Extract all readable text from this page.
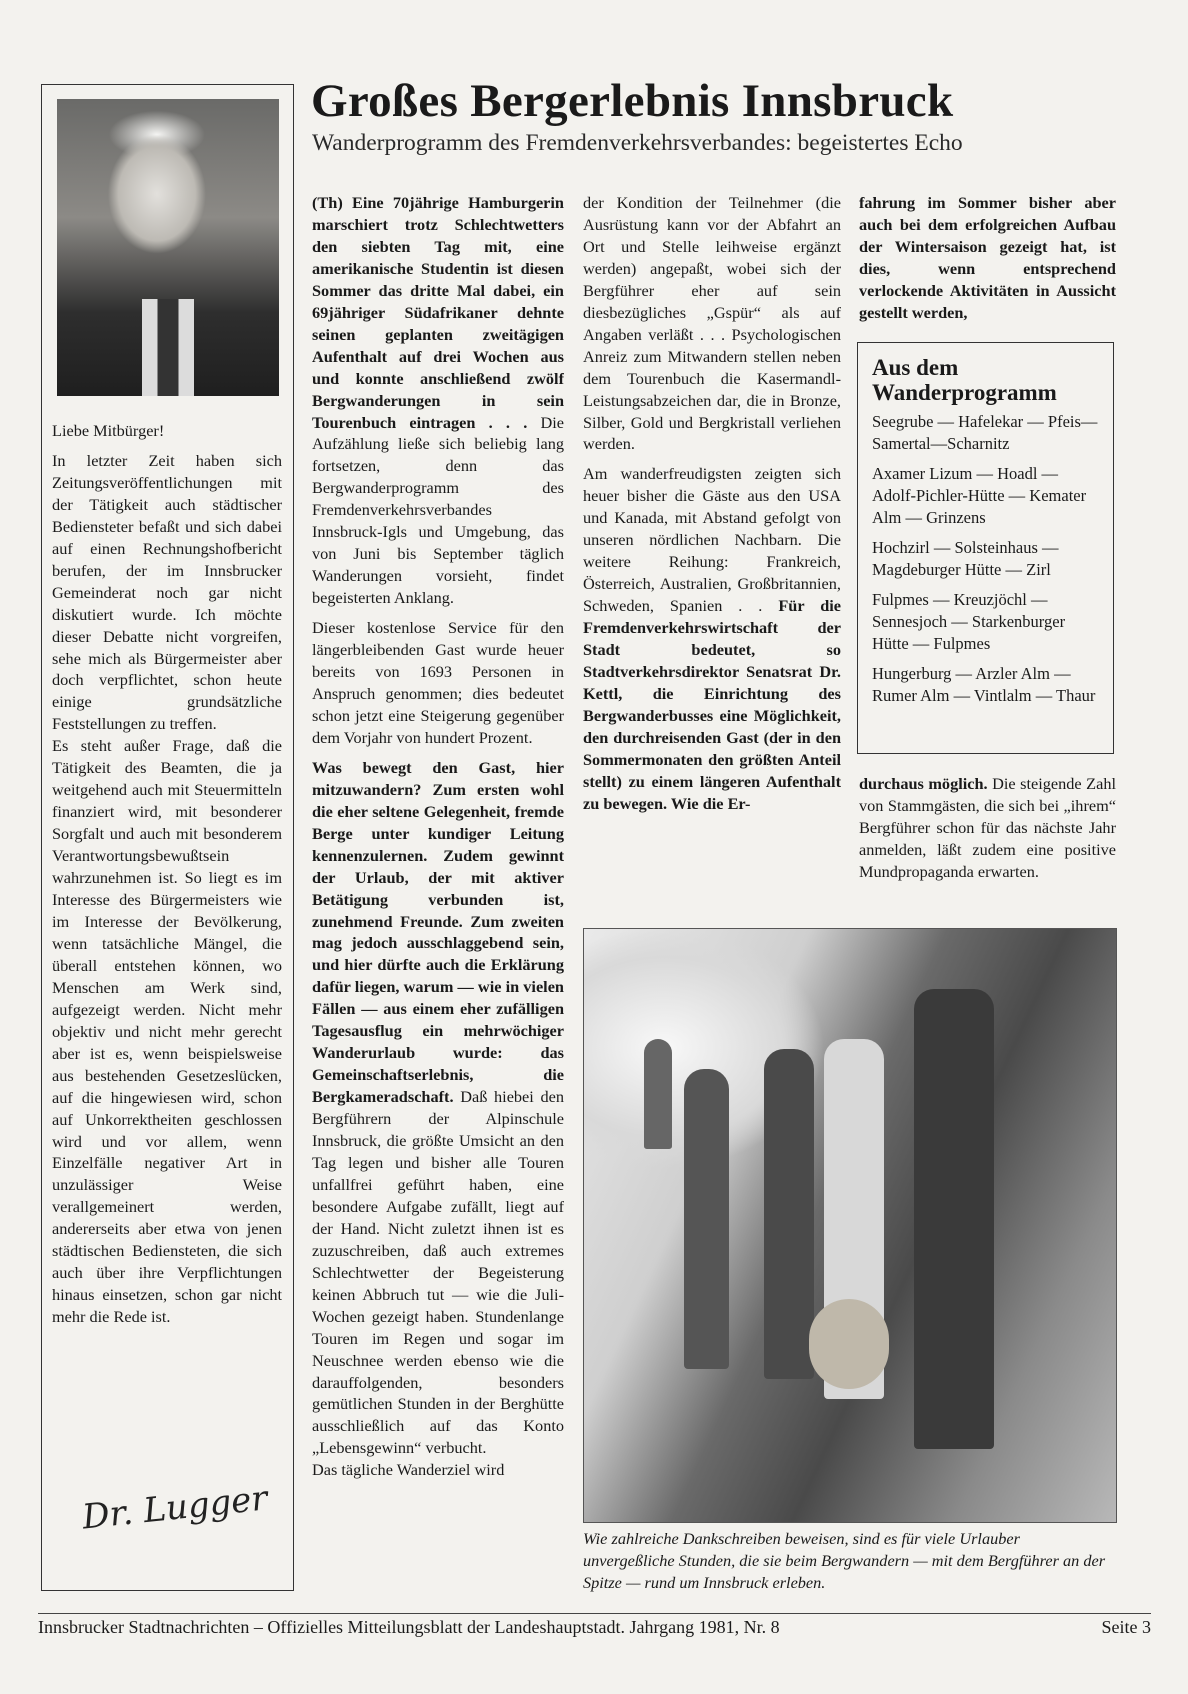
Großes Bergerlebnis Innsbruck
Wanderprogramm des Fremdenverkehrsverbandes: begeistertes Echo

Liebe Mitbürger!

In letzter Zeit haben sich Zeitungsveröffentlichungen mit der Tätigkeit auch städtischer Bediensteter befaßt und sich dabei auf einen Rechnungshofbericht berufen, der im Innsbrucker Gemeinderat noch gar nicht diskutiert wurde. Ich möchte dieser Debatte nicht vorgreifen, sehe mich als Bürgermeister aber doch verpflichtet, schon heute einige grundsätzliche Feststellungen zu treffen.

Es steht außer Frage, daß die Tätigkeit des Beamten, die ja weitgehend auch mit Steuermitteln finanziert wird, mit besonderer Sorgfalt und auch mit besonderem Verantwortungsbewußtsein wahrzunehmen ist. So liegt es im Interesse des Bürgermeisters wie im Interesse der Bevölkerung, wenn tatsächliche Mängel, die überall entstehen können, wo Menschen am Werk sind, aufgezeigt werden. Nicht mehr objektiv und nicht mehr gerecht aber ist es, wenn beispielsweise aus bestehenden Gesetzeslücken, auf die hingewiesen wird, schon auf Unkorrektheiten geschlossen wird und vor allem, wenn Einzelfälle negativer Art in unzulässiger Weise verallgemeinert werden, andererseits aber etwa von jenen städtischen Bediensteten, die sich auch über ihre Verpflichtungen hinaus einsetzen, schon gar nicht mehr die Rede ist.

Dr. Lugger

(Th) Eine 70jährige Hamburgerin marschiert trotz Schlechtwetters den siebten Tag mit, eine amerikanische Studentin ist diesen Sommer das dritte Mal dabei, ein 69jähriger Südafrikaner dehnte seinen geplanten zweitägigen Aufenthalt auf drei Wochen aus und konnte anschließend zwölf Bergwanderungen in sein Tourenbuch eintragen . . . Die Aufzählung ließe sich beliebig lang fortsetzen, denn das Bergwanderprogramm des Fremdenverkehrsverbandes Innsbruck-Igls und Umgebung, das von Juni bis September täglich Wanderungen vorsieht, findet begeisterten Anklang.

Dieser kostenlose Service für den längerbleibenden Gast wurde heuer bereits von 1693 Personen in Anspruch genommen; dies bedeutet schon jetzt eine Steigerung gegenüber dem Vorjahr von hundert Prozent.

Was bewegt den Gast, hier mitzuwandern? Zum ersten wohl die eher seltene Gelegenheit, fremde Berge unter kundiger Leitung kennenzulernen. Zudem gewinnt der Urlaub, der mit aktiver Betätigung verbunden ist, zunehmend Freunde. Zum zweiten mag jedoch ausschlaggebend sein, und hier dürfte auch die Erklärung dafür liegen, warum — wie in vielen Fällen — aus einem eher zufälligen Tagesausflug ein mehrwöchiger Wanderurlaub wurde: das Gemeinschaftserlebnis, die Bergkameradschaft. Daß hiebei den Bergführern der Alpinschule Innsbruck, die größte Umsicht an den Tag legen und bisher alle Touren unfallfrei geführt haben, eine besondere Aufgabe zufällt, liegt auf der Hand. Nicht zuletzt ihnen ist es zuzuschreiben, daß auch extremes Schlechtwetter der Begeisterung keinen Abbruch tut — wie die Juli-Wochen gezeigt haben. Stundenlange Touren im Regen und sogar im Neuschnee werden ebenso wie die darauffolgenden, besonders gemütlichen Stunden in der Berghütte ausschließlich auf das Konto „Lebensgewinn“ verbucht.

Das tägliche Wanderziel wird

der Kondition der Teilnehmer (die Ausrüstung kann vor der Abfahrt an Ort und Stelle leihweise ergänzt werden) angepaßt, wobei sich der Bergführer eher auf sein diesbezügliches „Gspür“ als auf Angaben verläßt . . . Psychologischen Anreiz zum Mitwandern stellen neben dem Tourenbuch die Kasermandl-Leistungsabzeichen dar, die in Bronze, Silber, Gold und Bergkristall verliehen werden.

Am wanderfreudigsten zeigten sich heuer bisher die Gäste aus den USA und Kanada, mit Abstand gefolgt von unseren nördlichen Nachbarn. Die weitere Reihung: Frankreich, Österreich, Australien, Großbritannien, Schweden, Spanien . . Für die Fremdenverkehrswirtschaft der Stadt bedeutet, so Stadtverkehrsdirektor Senatsrat Dr. Kettl, die Einrichtung des Bergwanderbusses eine Möglichkeit, den durchreisenden Gast (der in den Sommermonaten den größten Anteil stellt) zu einem längeren Aufenthalt zu bewegen. Wie die Er-

fahrung im Sommer bisher aber auch bei dem erfolgreichen Aufbau der Wintersaison gezeigt hat, ist dies, wenn entsprechend verlockende Aktivitäten in Aussicht gestellt werden,

Aus dem Wanderprogramm

Seegrube — Hafelekar — Pfeis—Samertal—Scharnitz

Axamer Lizum — Hoadl — Adolf-Pichler-Hütte — Kemater Alm — Grinzens

Hochzirl — Solsteinhaus — Magdeburger Hütte — Zirl

Fulpmes — Kreuzjöchl — Sennesjoch — Starkenburger Hütte — Fulpmes

Hungerburg — Arzler Alm — Rumer Alm — Vintlalm — Thaur

durchaus möglich. Die steigende Zahl von Stammgästen, die sich bei „ihrem“ Bergführer schon für das nächste Jahr anmelden, läßt zudem eine positive Mundpropaganda erwarten.

Wie zahlreiche Dankschreiben beweisen, sind es für viele Urlauber unvergeßliche Stunden, die sie beim Bergwandern — mit dem Bergführer an der Spitze — rund um Innsbruck erleben.
Innsbrucker Stadtnachrichten – Offizielles Mitteilungsblatt der Landeshauptstadt. Jahrgang 1981, Nr. 8	Seite 3
